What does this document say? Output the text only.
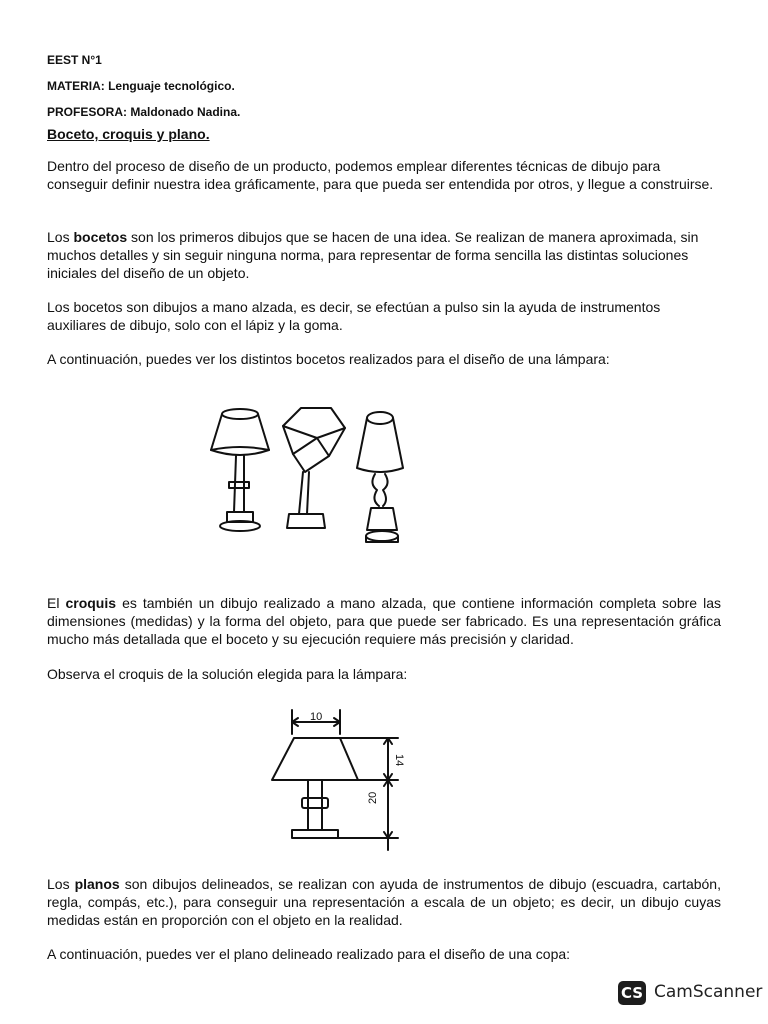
EEST N°1

MATERIA: Lenguaje tecnológico.

PROFESORA: Maldonado Nadina.

Boceto, croquis y plano.

Dentro del proceso de diseño de un producto, podemos emplear diferentes técnicas de dibujo para conseguir definir nuestra idea gráficamente, para que pueda ser entendida por otros, y llegue a construirse.

Los bocetos son los primeros dibujos que se hacen de una idea. Se realizan de manera aproximada, sin muchos detalles y sin seguir ninguna norma, para representar de forma sencilla las distintas soluciones iniciales del diseño de un objeto.

Los bocetos son dibujos a mano alzada, es decir, se efectúan a pulso sin la ayuda de instrumentos auxiliares de dibujo, solo con el lápiz y la goma.

A continuación, puedes ver los distintos bocetos realizados para el diseño de una lámpara:

El croquis es también un dibujo realizado a mano alzada, que contiene información completa sobre las dimensiones (medidas) y la forma del objeto, para que puede ser fabricado. Es una representación gráfica mucho más detallada que el boceto y su ejecución requiere más precisión y claridad.

Observa el croquis de la solución elegida para la lámpara:

10
14
20

Los planos son dibujos delineados, se realizan con ayuda de instrumentos de dibujo (escuadra, cartabón, regla, compás, etc.), para conseguir una representación a escala de un objeto; es decir, un dibujo cuyas medidas están en proporción con el objeto en la realidad.

A continuación, puedes ver el plano delineado realizado para el diseño de una copa:

CS CamScanner
